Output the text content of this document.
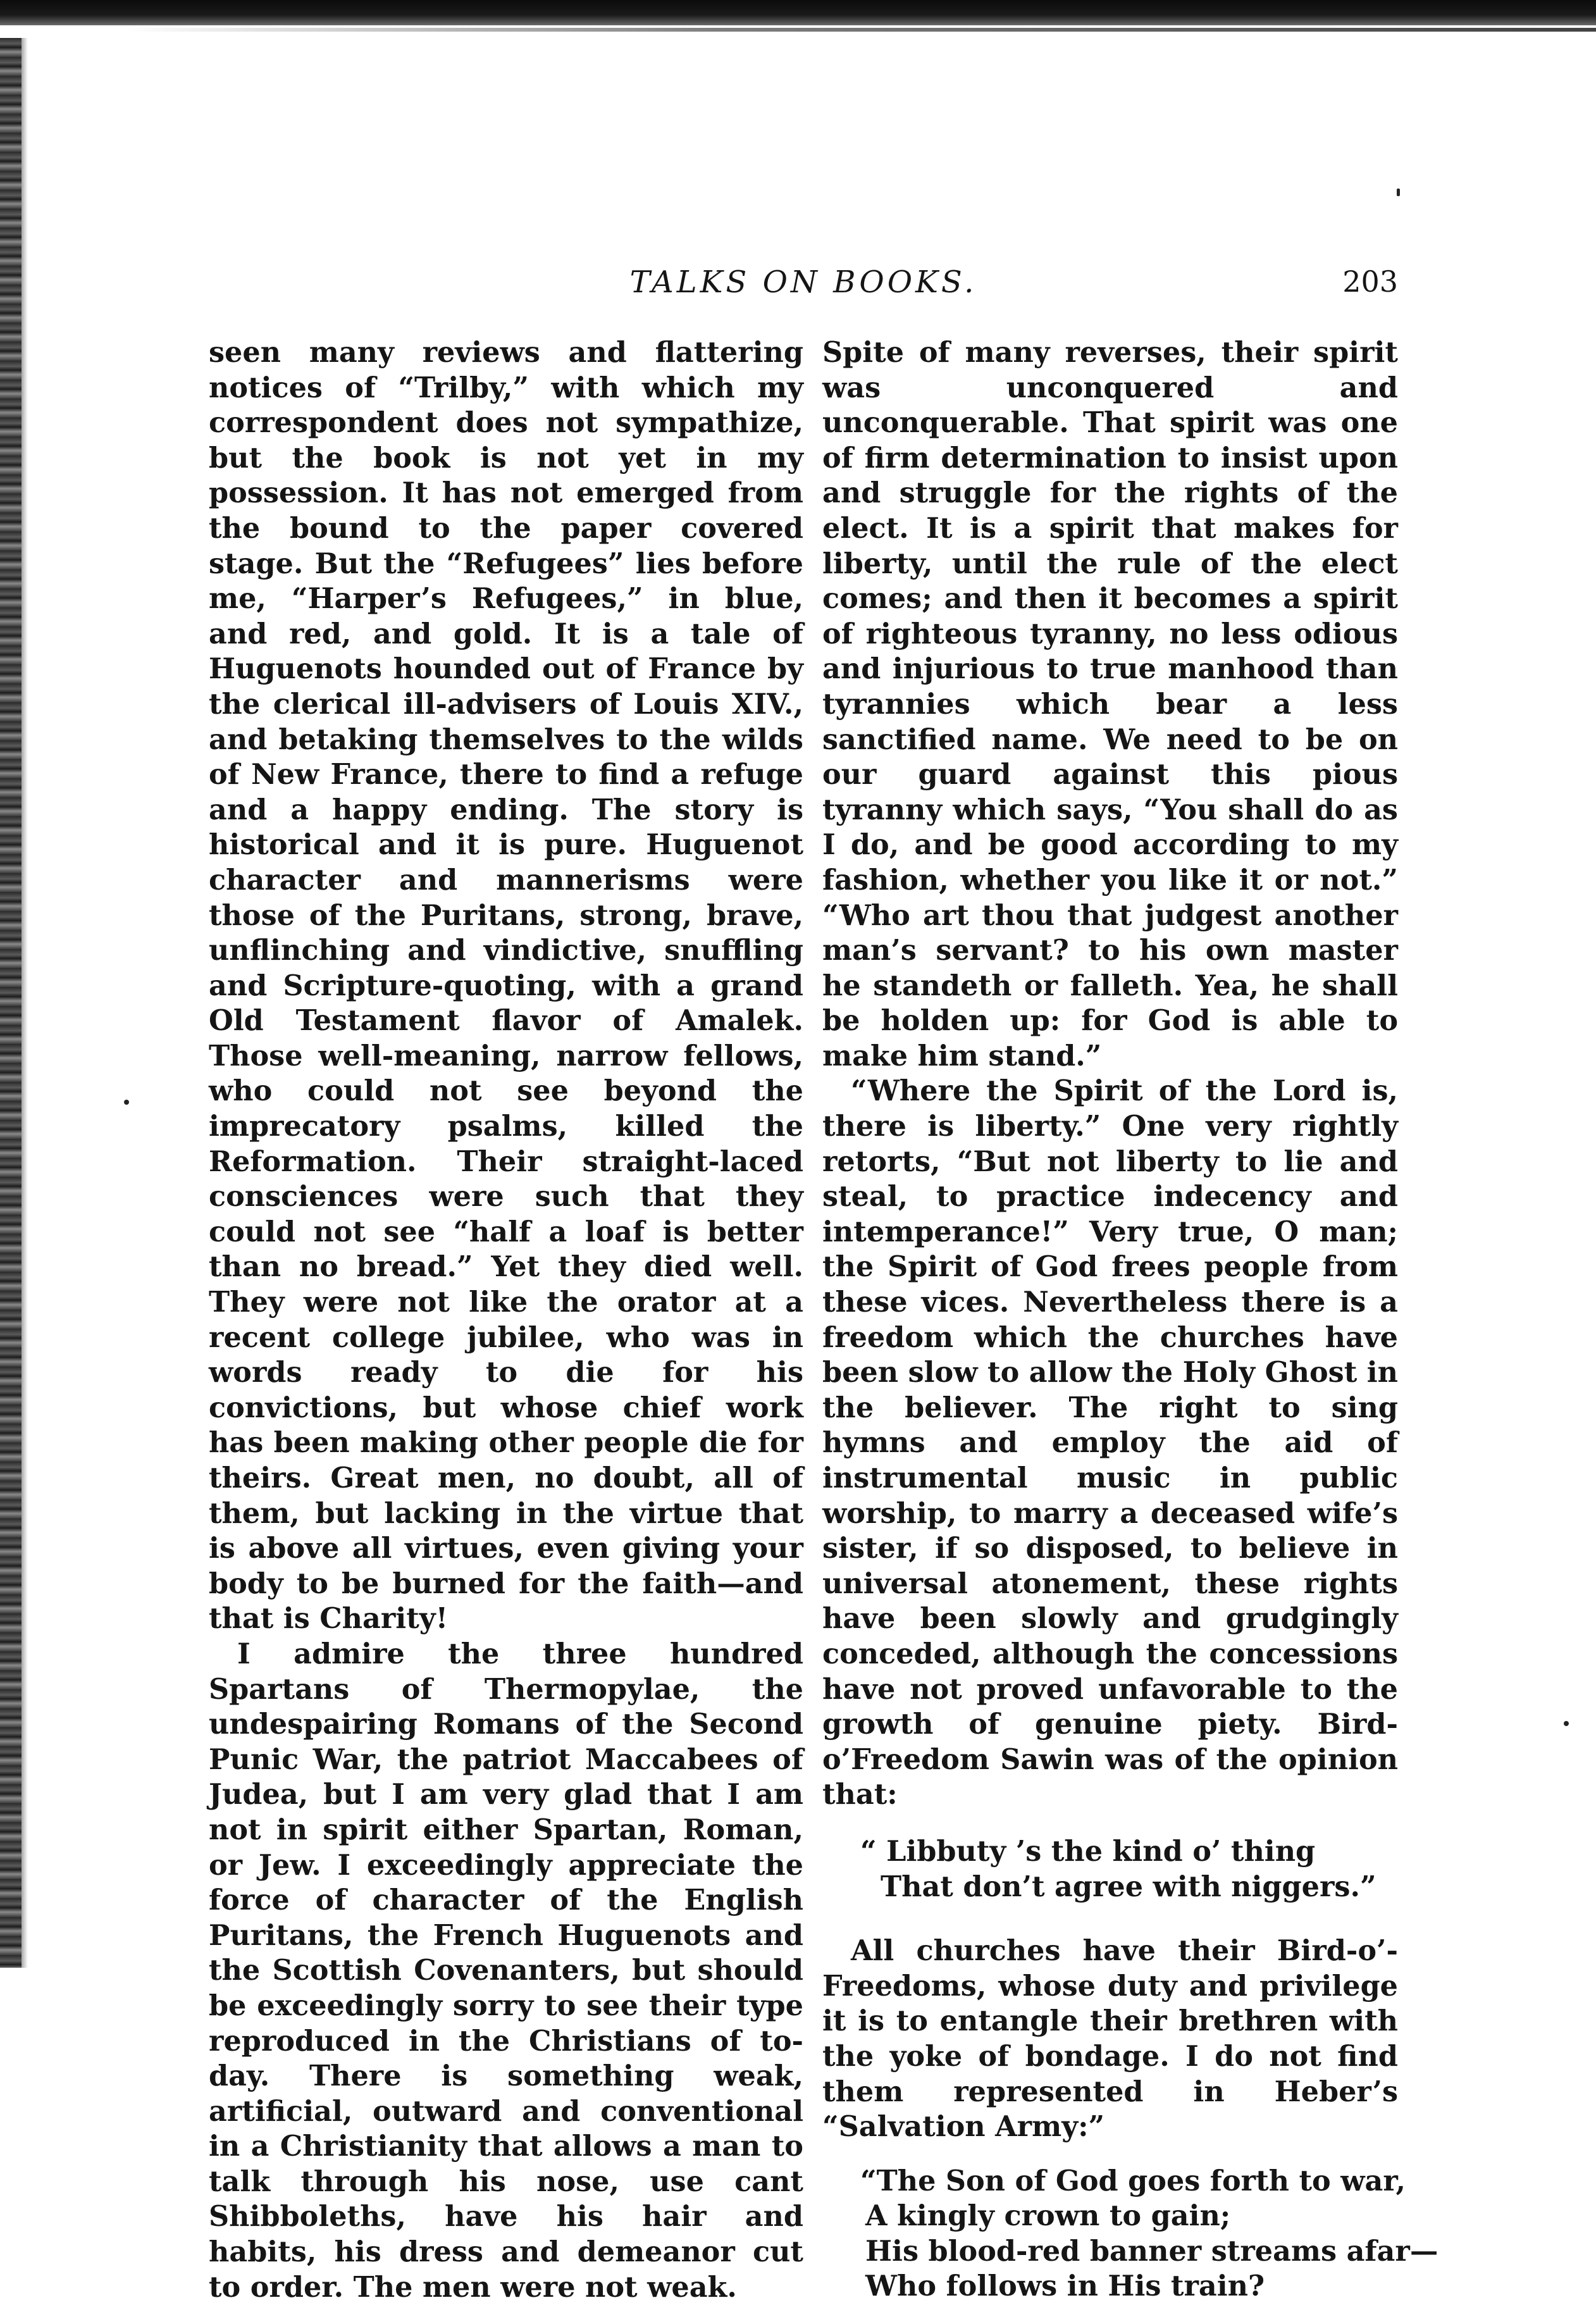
TALKS ON BOOKS.	203

seen many reviews and flattering notices of “Trilby,” with which my correspondent does not sympathize, but the book is not yet in my possession. It has not emerged from the bound to the paper covered stage. But the “Refugees” lies before me, “Harper’s Refugees,” in blue, and red, and gold. It is a tale of Huguenots hounded out of France by the clerical ill-advisers of Louis XIV., and betaking themselves to the wilds of New France, there to find a refuge and a happy ending. The story is historical and it is pure. Huguenot character and mannerisms were those of the Puritans, strong, brave, unflinching and vindictive, snuffling and Scripture-quoting, with a grand Old Testament flavor of Amalek. Those well-meaning, narrow fellows, who could not see beyond the imprecatory psalms, killed the Reformation. Their straight-laced consciences were such that they could not see “half a loaf is better than no bread.” Yet they died well. They were not like the orator at a recent college jubilee, who was in words ready to die for his convictions, but whose chief work has been making other people die for theirs. Great men, no doubt, all of them, but lacking in the virtue that is above all virtues, even giving your body to be burned for the faith—and that is Charity!

I admire the three hundred Spartans of Thermopylae, the undespairing Romans of the Second Punic War, the patriot Maccabees of Judea, but I am very glad that I am not in spirit either Spartan, Roman, or Jew. I exceedingly appreciate the force of character of the English Puritans, the French Huguenots and the Scottish Covenanters, but should be exceedingly sorry to see their type reproduced in the Christians of to-day. There is something weak, artificial, outward and conventional in a Christianity that allows a man to talk through his nose, use cant Shibboleths, have his hair and habits, his dress and demeanor cut to order. The men were not weak.

Spite of many reverses, their spirit was unconquered and unconquerable. That spirit was one of firm determination to insist upon and struggle for the rights of the elect. It is a spirit that makes for liberty, until the rule of the elect comes; and then it becomes a spirit of righteous tyranny, no less odious and injurious to true manhood than tyrannies which bear a less sanctified name. We need to be on our guard against this pious tyranny which says, “You shall do as I do, and be good according to my fashion, whether you like it or not.” “Who art thou that judgest another man’s servant? to his own master he standeth or falleth. Yea, he shall be holden up: for God is able to make him stand.”

“Where the Spirit of the Lord is, there is liberty.” One very rightly retorts, “But not liberty to lie and steal, to practice indecency and intemperance!” Very true, O man; the Spirit of God frees people from these vices. Nevertheless there is a freedom which the churches have been slow to allow the Holy Ghost in the believer. The right to sing hymns and employ the aid of instrumental music in public worship, to marry a deceased wife’s sister, if so disposed, to believe in universal atonement, these rights have been slowly and grudgingly conceded, although the concessions have not proved unfavorable to the growth of genuine piety. Bird-o’Freedom Sawin was of the opinion that:

“ Libbuty ’s the kind o’ thing
That don’t agree with niggers.”

All churches have their Bird-o’-Freedoms, whose duty and privilege it is to entangle their brethren with the yoke of bondage. I do not find them represented in Heber’s “Salvation Army:”

“The Son of God goes forth to war,
A kingly crown to gain;
His blood-red banner streams afar—
Who follows in His train?
